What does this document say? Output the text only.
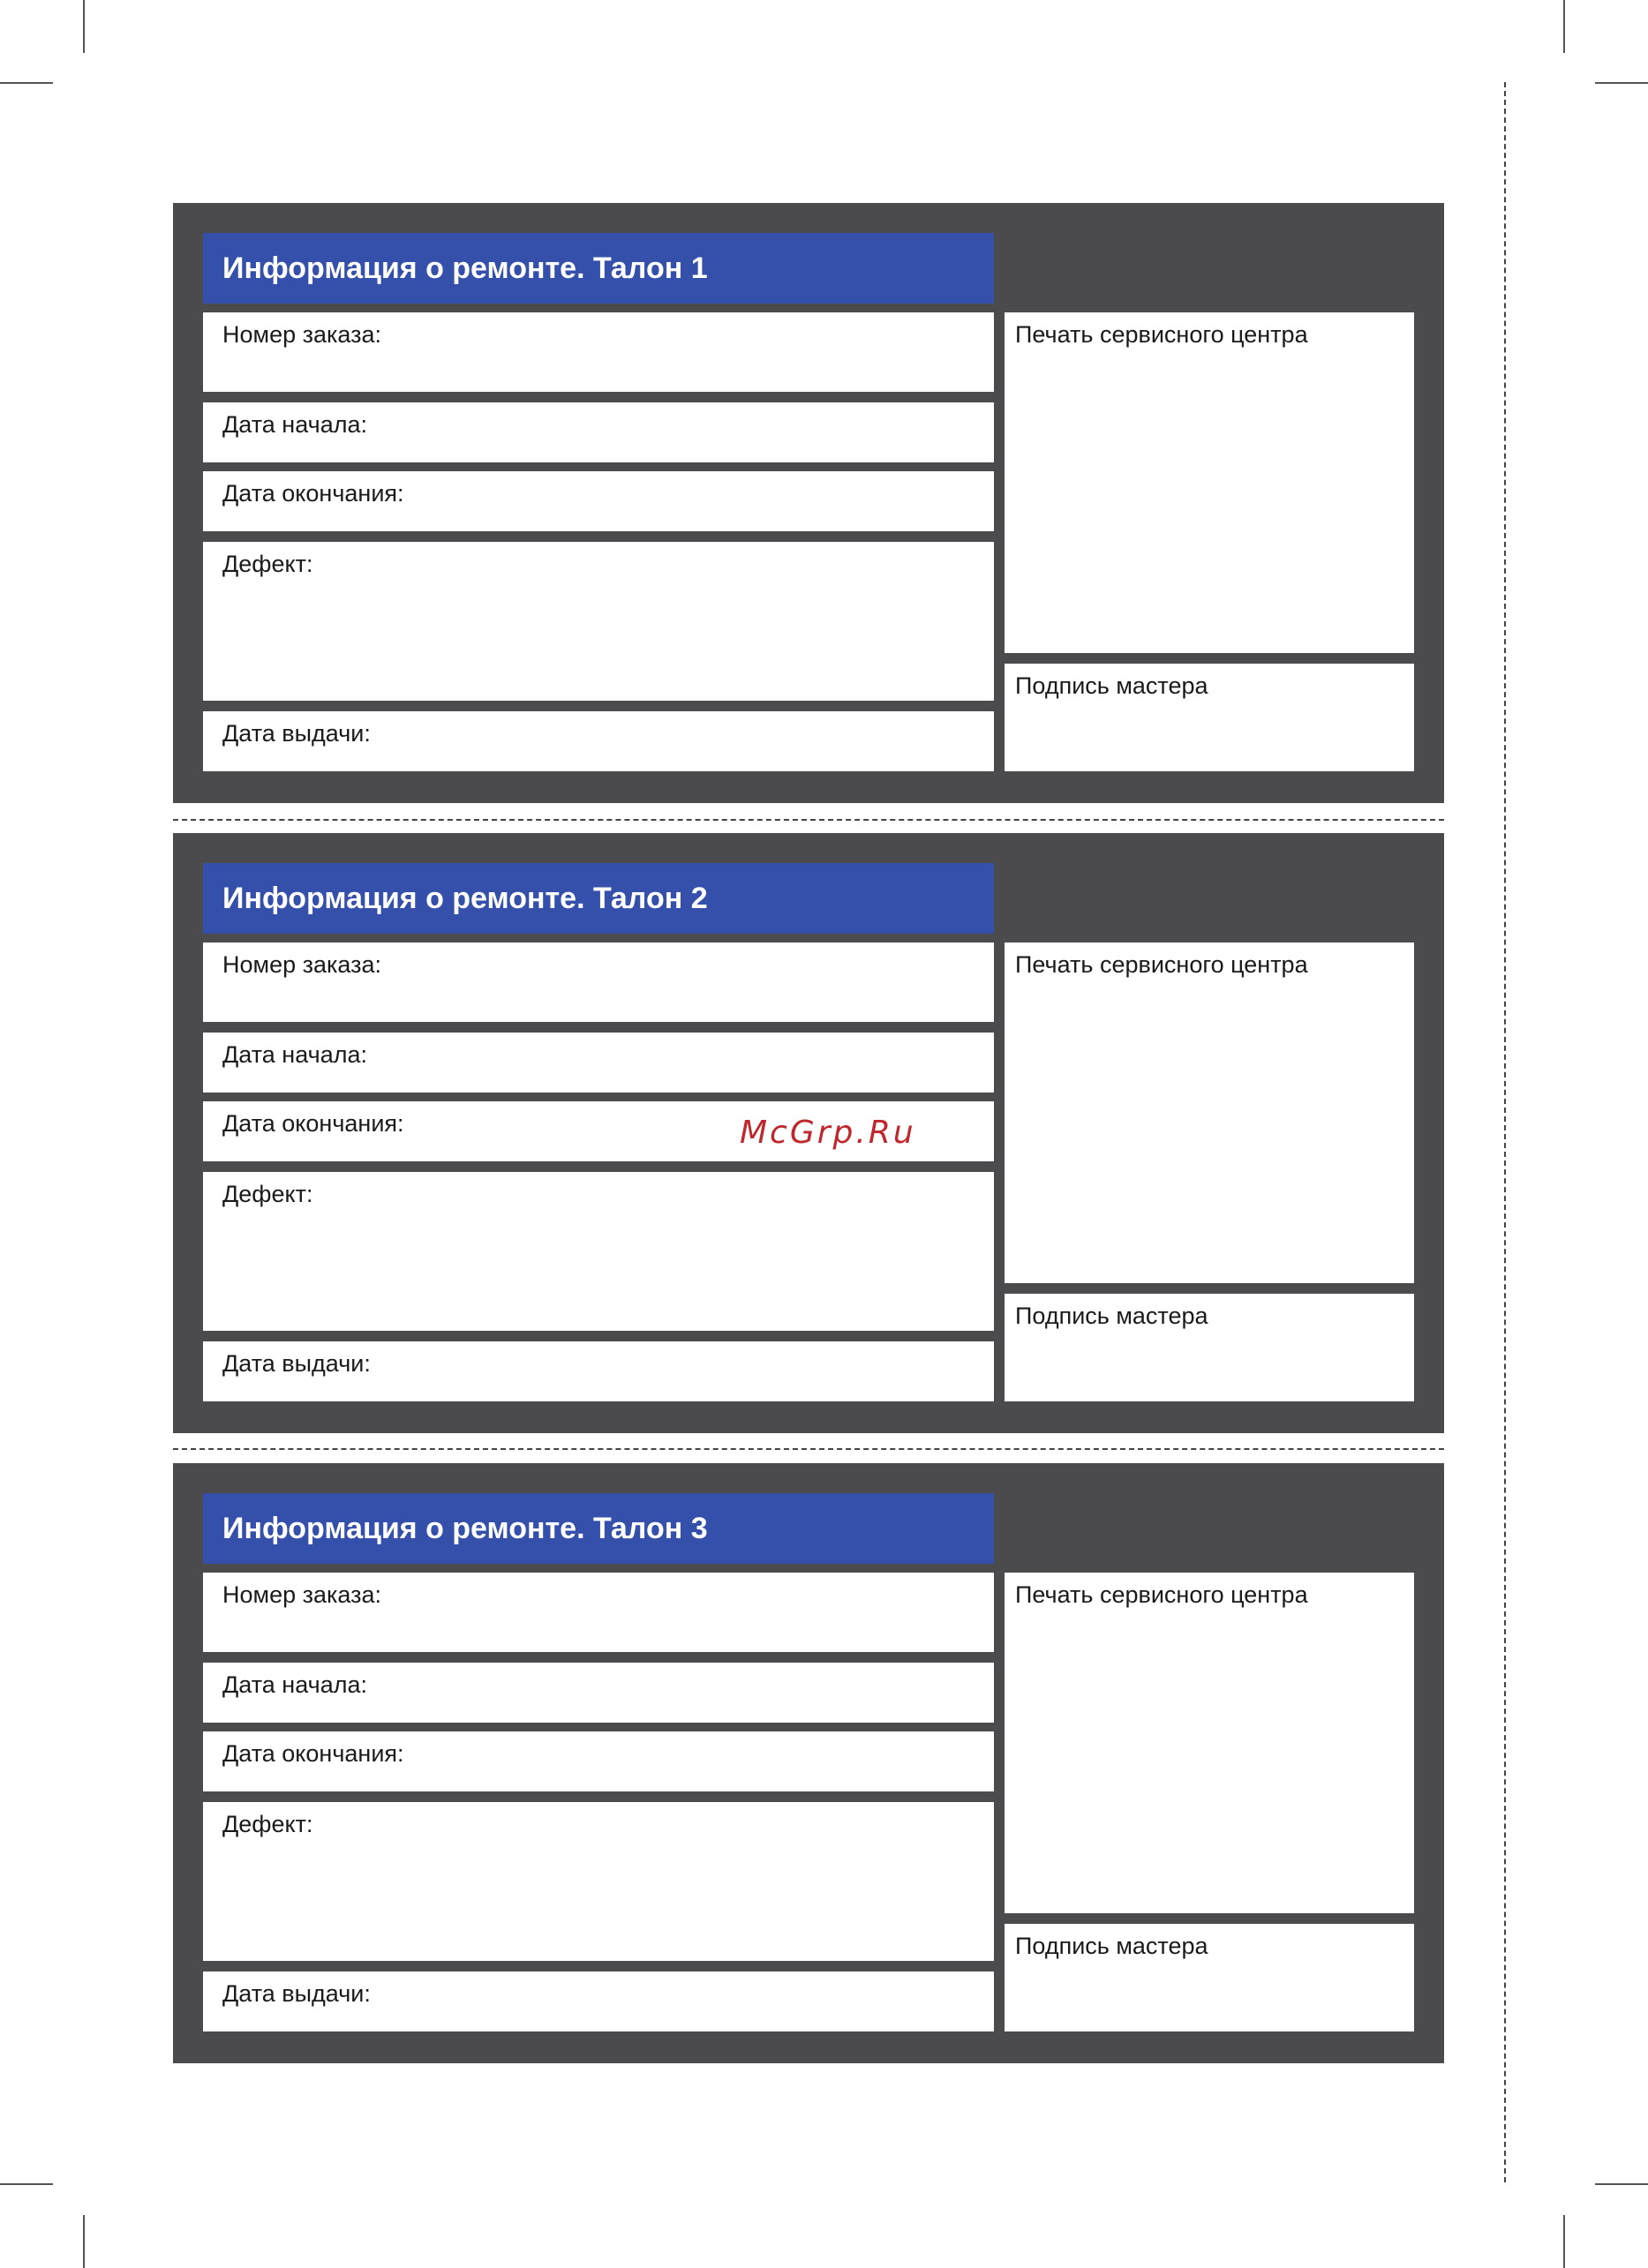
Информация о ремонте. Талон 1
Номер заказа:
Дата начала:
Дата окончания:
Дефект:
Дата выдачи:
Печать сервисного центра
Подпись мастера
Информация о ремонте. Талон 2
Номер заказа:
Дата начала:
Дата окончания:
Дефект:
Дата выдачи:
Печать сервисного центра
Подпись мастера
Информация о ремонте. Талон 3
Номер заказа:
Дата начала:
Дата окончания:
Дефект:
Дата выдачи:
Печать сервисного центра
Подпись мастера
McGrp.Ru
